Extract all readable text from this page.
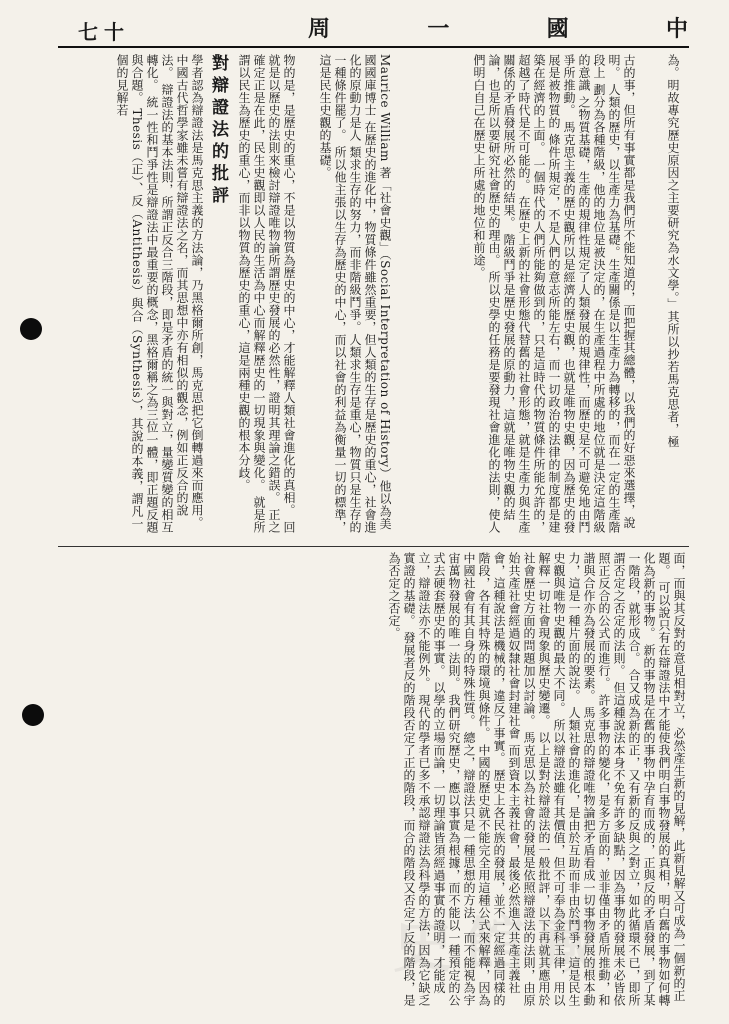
七十	周	一	國	中
為。明故專究歷史原因之主要研究為水文學。」其所以抄若馬克思者，極
古的事，但所有事實都是我們所不能知道的，而把握其總體，以我們的好惡來選擇，說明。 人類的歷史，以生產力為基礎。生產關係是以生產力為轉移的，而在一定的生產階段上 劃分為各種階級，他的地位是被決定的，在生產過程中所處的地位就是決定這階級的意識 之物質基礎，生產的規律性規定了人類發展的規律性，而歷史是不可避免地由鬥爭所推動。 馬克思主義的歷史觀所以是經濟的歷史觀，也就是唯物史觀，因為歷史的發展是被物質的 條件所規定，不是人們的意志所能左右，而一切政治的法律的制度都是建築在經濟的上面。 一個時代的人們所能夠做到的，只是這時代的物質條件所能允許的，超越了時代是不可能的。 在歷史上新的社會形態代替舊的社會形態，就是生產力與生產關係的矛盾發展所必然的結果。 階級鬥爭是歷史發展的原動力，這就是唯物史觀的結論，也是所以要研究社會歷史的理由。 所以史學的任務是要發現社會進化的法則，使人們明白自己在歷史上所處的地位和前途。
Maurice William 著「社會史觀」（Social Interpretation of History）他以為美國國庫博士 在歷史的進化中，物質條件雖然重要，但人類的生存是歷史的重心，社會進化的原動力是人 類求生存的努力，而非階級鬥爭。人類求生存是重心，物質只是生存的一種條件罷了。 所以他主張以生存為歷史的中心，而以社會的利益為衡量一切的標準，這是民生史觀的基礎。
物的是，是歷史的重心，不是以物質為歷史的中心，才能解釋人類社會進化的真相。 回就是以歷史的法則來檢討辯證唯物論所謂歷史發展的必然性，證明其理論之錯誤。 正之確定正是在此，民生史觀即以人民的生活為中心而解釋歷史的一切現象與變化。 就是所謂以民生為歷史的重心，而非以物質為歷史的重心，這是兩種史觀的根本分歧。
對辯證法的批評
學者認為辯證法是馬克思主義的方法論，乃黑格爾所創，馬克思把它倒轉過來而應用。 中國古代哲學家雖未嘗有辯證法之名，而其思想中亦有相似的觀念，例如正反合的說法。 辯證法的基本法則，所謂正反合三階段，即是矛盾的統一與對立，量變質變的相互轉化。 統一性和鬥爭性是辯證法中最重要的概念，黑格爾稱之為三位一體，即正題反題與合題。 Thesis（正）、反（Antithesis）與合（Synthesis），其說的本義，謂凡一個的見解若
面，而與其反對的意見相對立，必然產生新的見解，此新見解又可成為一個新的正題。 可以說只有在辯證法中才能使我們明白事物發展的真相，明白舊的事物如何轉化為新的事物。 新的事物是在舊的事物中孕育而成的，正與反的矛盾發展，到了某一階段，就形成合。 合又成為新的正，又有新的反與之對立，如此循環不已，即所謂否定之否定的法則。 但這種說法本身不免有許多缺點，因為事物的發展未必皆依照正反合的公式而進行。 許多事物的變化，是多方面的，並非僅由矛盾所推動，和諧與合作亦為發展的要素。 馬克思的辯證唯物論把矛盾看成一切事物發展的根本動力，這是一種片面的說法。 人類社會的進化，是由於互助而非由於鬥爭，這是民生史觀與唯物史觀的最大不同。 所以辯證法雖有其價值，但不可奉為金科玉律，用以解釋一切社會現象與歷史變遷。 以上是對於辯證法的一般批評，以下再就其應用於社會歷史方面的問題加以討論。 馬克思以為社會的發展是依照辯證法的法則，由原始共產社會經過奴隸社會封建社會 而到資本主義社會，最後必然進入共產主義社會，這種說法是機械的，違反了事實。 歷史上各民族的發展，並不一定經過同樣的階段，各有其特殊的環境與條件。 中國的歷史就不能完全用這種公式來解釋，因為中國社會有其自身的特殊性質。 總之，辯證法只是一種思想的方法，而不能視為宇宙萬物發展的唯一法則。 我們研究歷史，應以事實為根據，而不能以一種預定的公式去硬套歷史的事實。 以學的立場而論，一切理論皆須經過事實的證明，才能成立，辯證法亦不能例外。 現代的學者已多不承認辯證法為科學的方法，因為它缺乏實證的基礎。 發展者反的階段否定了正的階段，而合的階段又否定了反的階段，是為否定之否定。
史館藏
